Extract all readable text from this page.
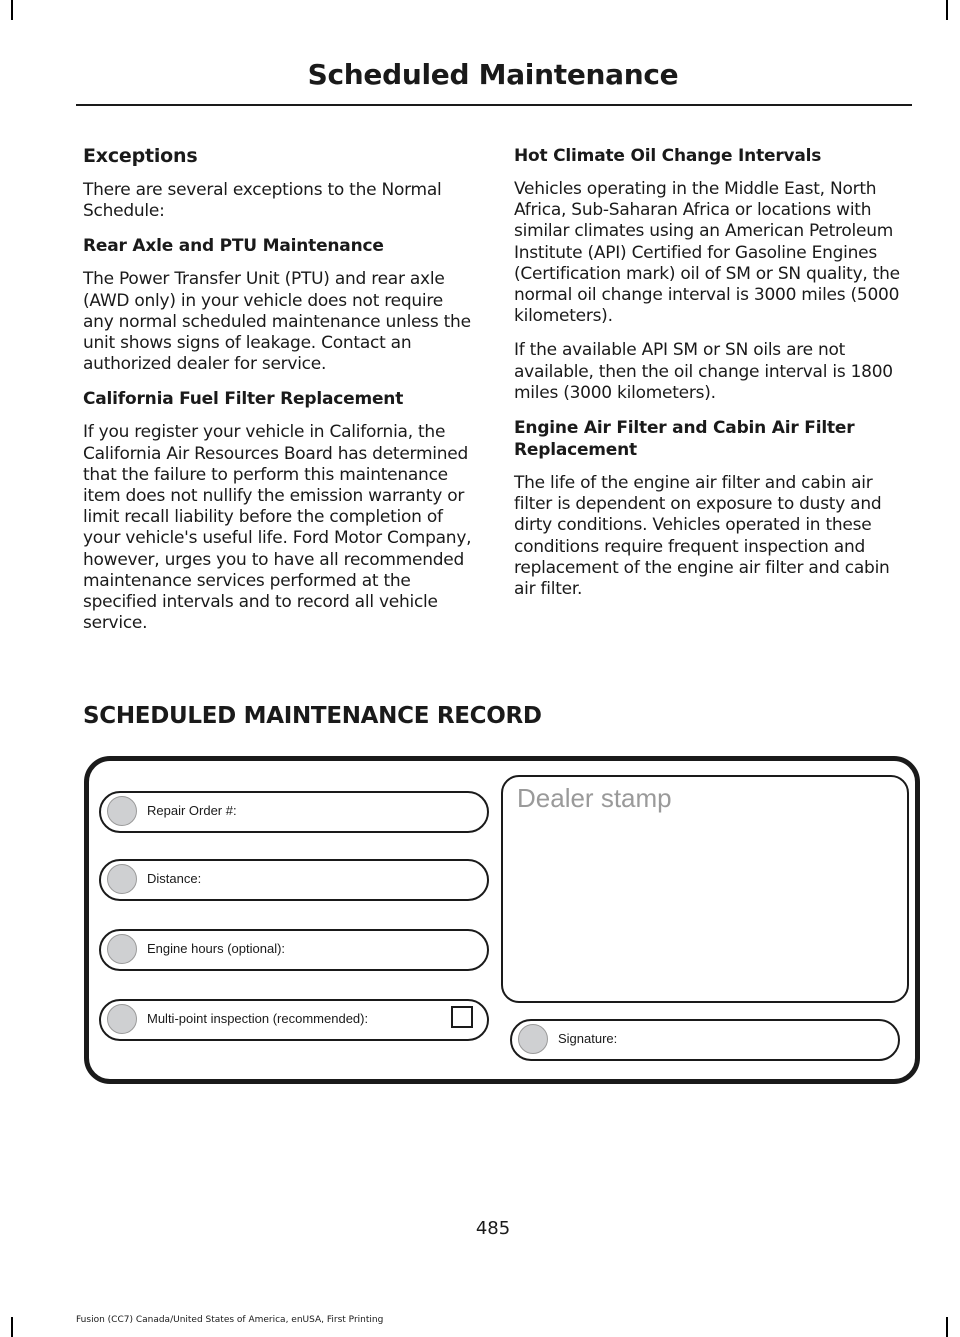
Scheduled Maintenance
Exceptions

There are several exceptions to the Normal Schedule:

Rear Axle and PTU Maintenance

The Power Transfer Unit (PTU) and rear axle (AWD only) in your vehicle does not require any normal scheduled maintenance unless the unit shows signs of leakage. Contact an authorized dealer for service.

California Fuel Filter Replacement

If you register your vehicle in California, the California Air Resources Board has determined that the failure to perform this maintenance item does not nullify the emission warranty or limit recall liability before the completion of your vehicle's useful life. Ford Motor Company, however, urges you to have all recommended maintenance services performed at the specified intervals and to record all vehicle service.

Hot Climate Oil Change Intervals

Vehicles operating in the Middle East, North Africa, Sub-Saharan Africa or locations with similar climates using an American Petroleum Institute (API) Certified for Gasoline Engines (Certification mark) oil of SM or SN quality, the normal oil change interval is 3000 miles (5000 kilometers).

If the available API SM or SN oils are not available, then the oil change interval is 1800 miles (3000 kilometers).

Engine Air Filter and Cabin Air Filter Replacement

The life of the engine air filter and cabin air filter is dependent on exposure to dusty and dirty conditions. Vehicles operated in these conditions require frequent inspection and replacement of the engine air filter and cabin air filter.

SCHEDULED MAINTENANCE RECORD
Repair Order #:
Distance:
Engine hours (optional):
Multi-point inspection (recommended):
Dealer stamp
Signature:
485
Fusion (CC7) Canada/United States of America, enUSA, First Printing
